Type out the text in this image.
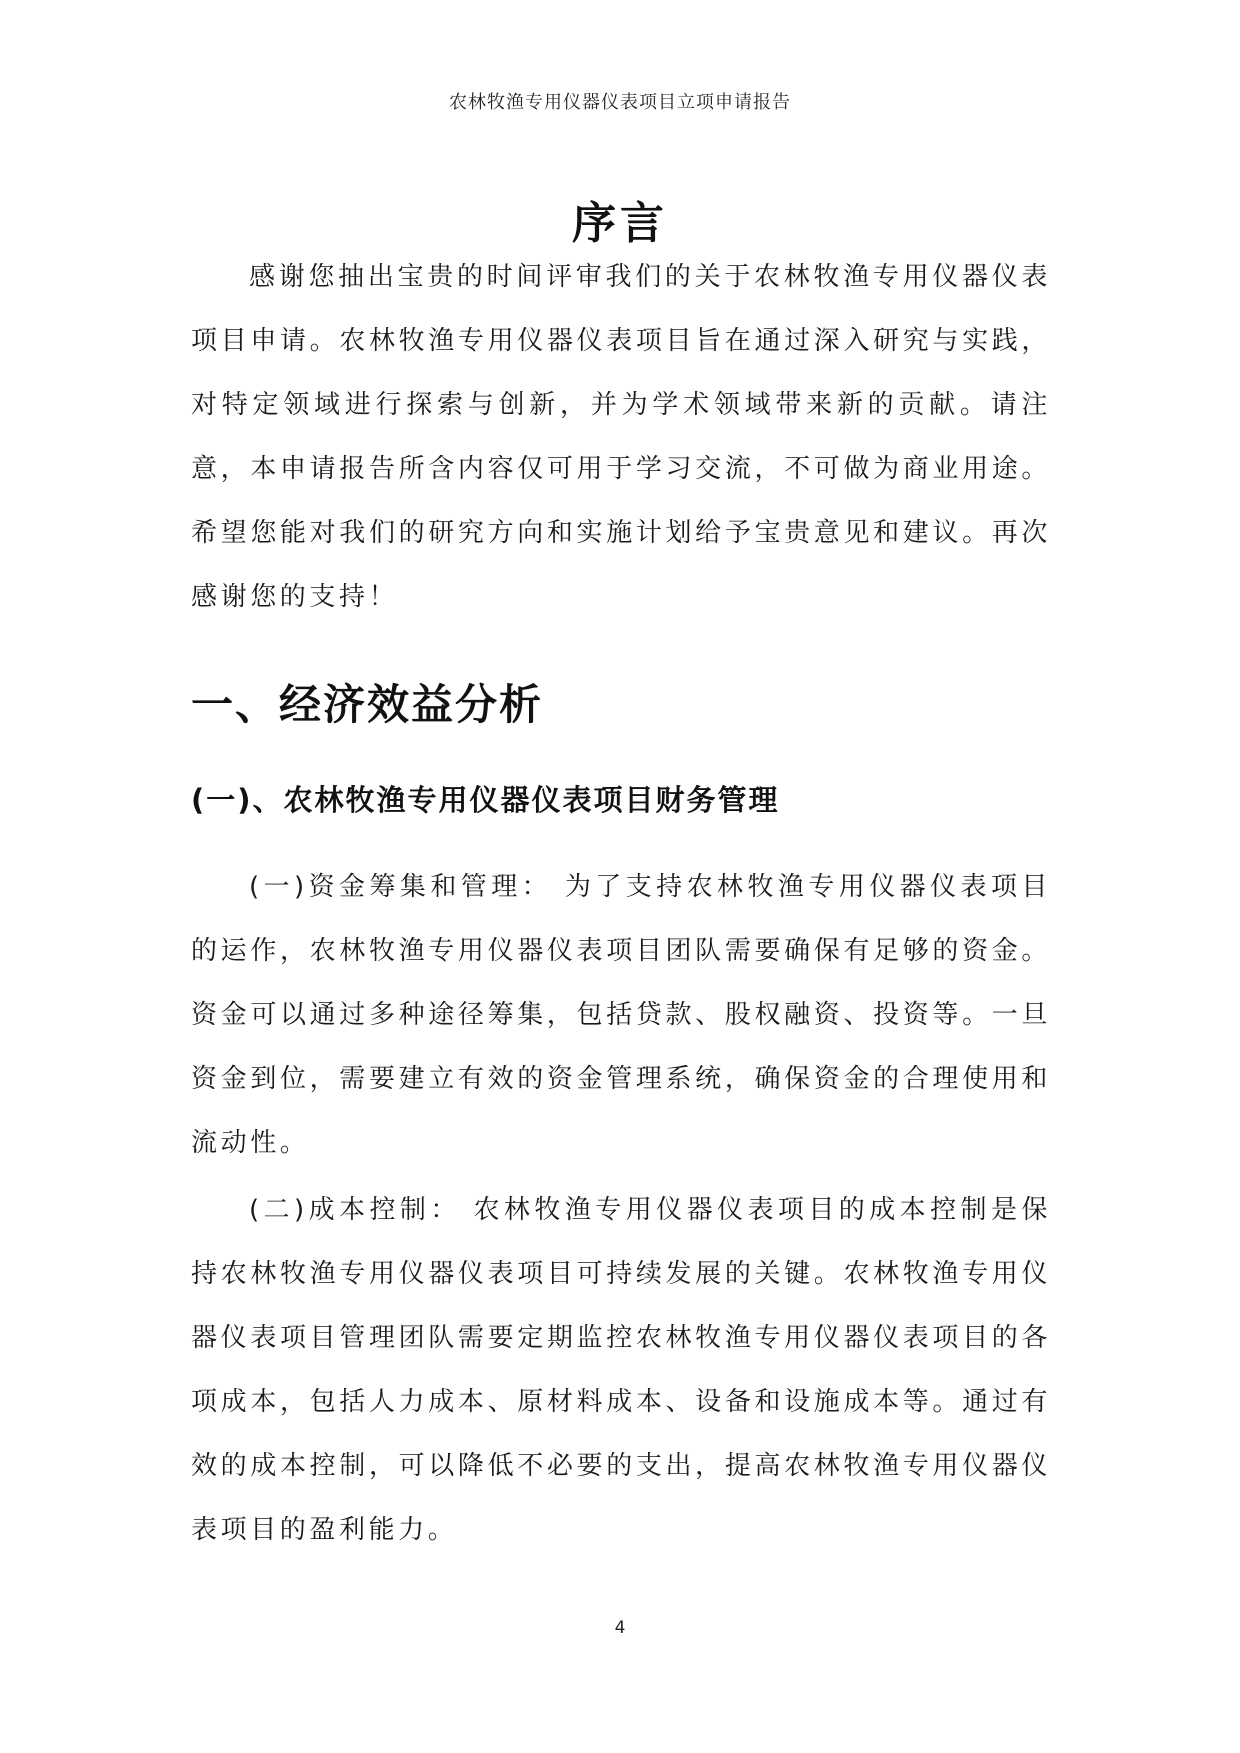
农林牧渔专用仪器仪表项目立项申请报告
序言

感谢您抽出宝贵的时间评审我们的关于农林牧渔专用仪器仪表项目申请。农林牧渔专用仪器仪表项目旨在通过深入研究与实践，对特定领域进行探索与创新，并为学术领域带来新的贡献。请注意，本申请报告所含内容仅可用于学习交流，不可做为商业用途。希望您能对我们的研究方向和实施计划给予宝贵意见和建议。再次感谢您的支持！

一、经济效益分析
(一)、农林牧渔专用仪器仪表项目财务管理

(一)资金筹集和管理： 为了支持农林牧渔专用仪器仪表项目的运作，农林牧渔专用仪器仪表项目团队需要确保有足够的资金。资金可以通过多种途径筹集，包括贷款、股权融资、投资等。一旦资金到位，需要建立有效的资金管理系统，确保资金的合理使用和流动性。

(二)成本控制： 农林牧渔专用仪器仪表项目的成本控制是保持农林牧渔专用仪器仪表项目可持续发展的关键。农林牧渔专用仪器仪表项目管理团队需要定期监控农林牧渔专用仪器仪表项目的各项成本，包括人力成本、原材料成本、设备和设施成本等。通过有效的成本控制，可以降低不必要的支出，提高农林牧渔专用仪器仪表项目的盈利能力。

4
